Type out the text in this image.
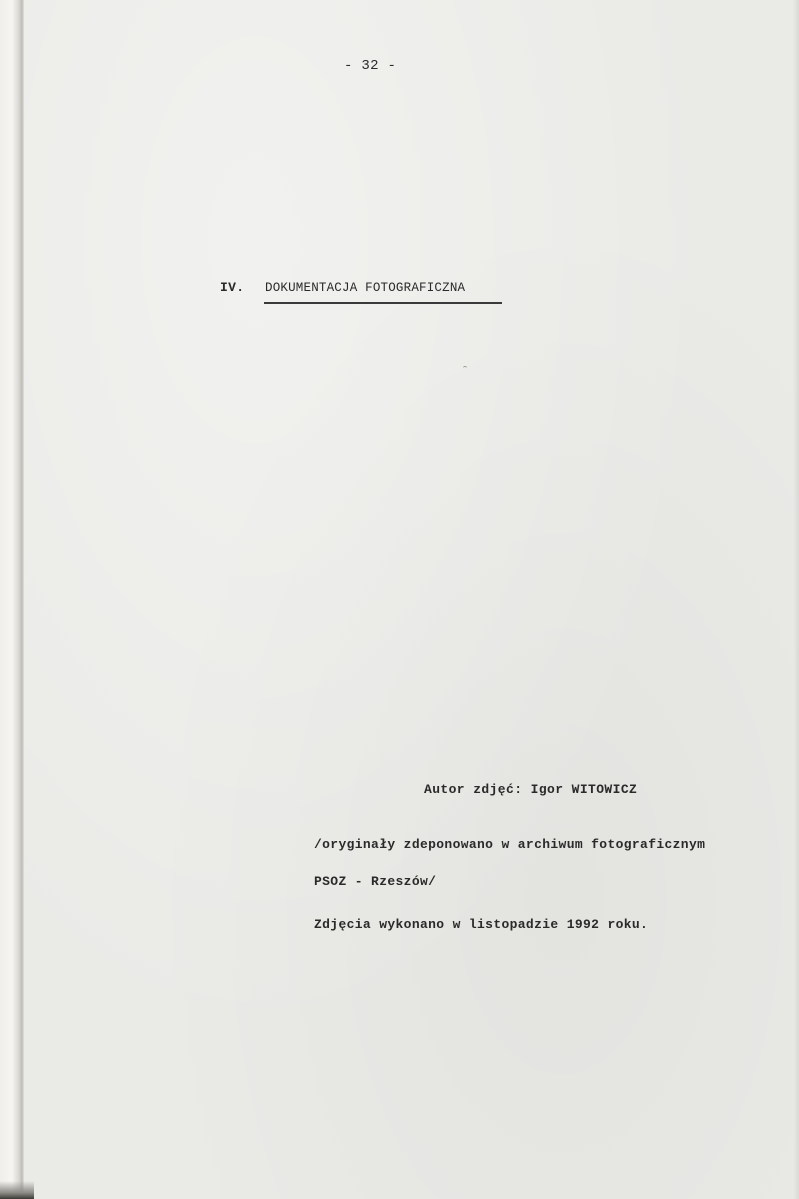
- 32 -
IV. DOKUMENTACJA FOTOGRAFICZNA
Autor zdjęć: Igor WITOWICZ
/oryginały zdeponowano w archiwum fotograficznym
PSOZ - Rzeszów/
Zdjęcia wykonano w listopadzie 1992 roku.
